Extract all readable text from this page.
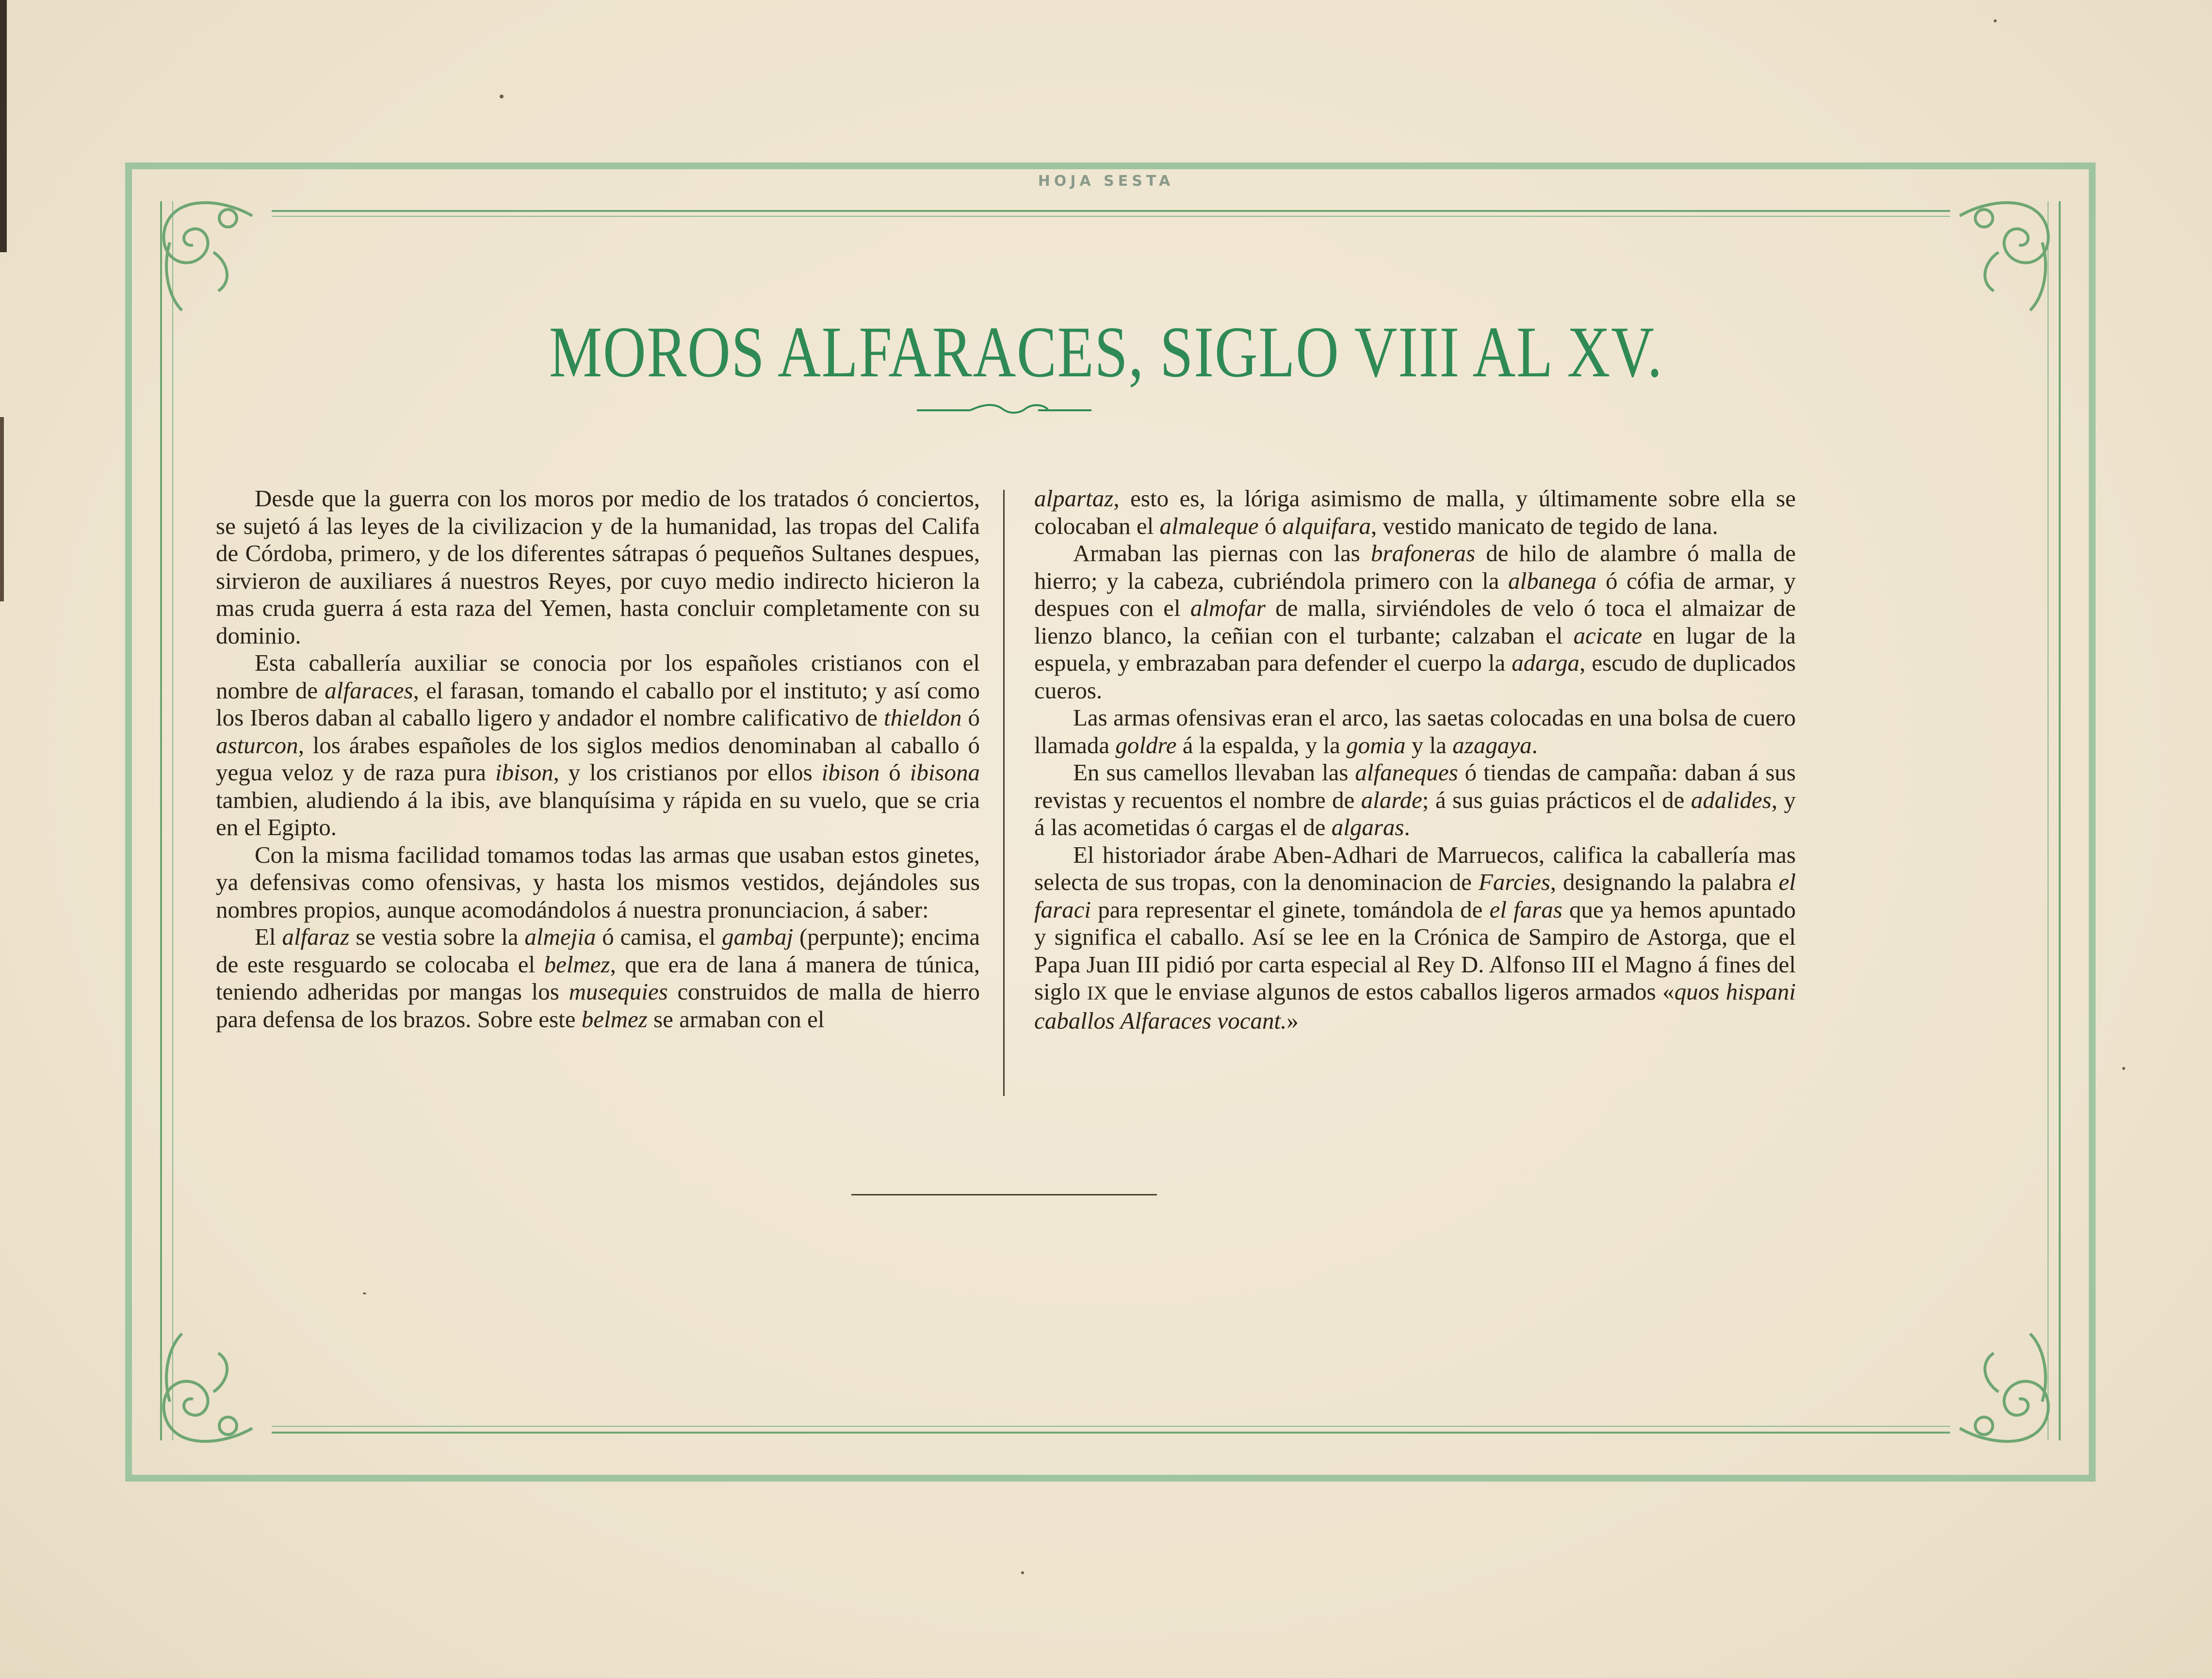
HOJA SESTA
MOROS ALFARACES, SIGLO VIII AL XV.

Desde que la guerra con los moros por medio de los tratados ó conciertos, se sujetó á las leyes de la civilizacion y de la humanidad, las tropas del Califa de Córdoba, primero, y de los diferentes sátrapas ó pequeños Sultanes despues, sirvieron de auxiliares á nuestros Reyes, por cuyo medio indirecto hicieron la mas cruda guerra á esta raza del Yemen, hasta concluir completamente con su dominio.

Esta caballería auxiliar se conocia por los españoles cristianos con el nombre de alfaraces, el farasan, tomando el caballo por el instituto; y así como los Iberos daban al caballo ligero y andador el nombre calificativo de thieldon ó asturcon, los árabes españoles de los siglos medios denominaban al caballo ó yegua veloz y de raza pura ibison, y los cristianos por ellos ibison ó ibisona tambien, aludiendo á la ibis, ave blanquísima y rápida en su vuelo, que se cria en el Egipto.

Con la misma facilidad tomamos todas las armas que usaban estos ginetes, ya defensivas como ofensivas, y hasta los mismos vestidos, dejándoles sus nombres propios, aunque acomodándolos á nuestra pronunciacion, á saber:

El alfaraz se vestia sobre la almejia ó camisa, el gambaj (perpunte); encima de este resguardo se colocaba el belmez, que era de lana á manera de túnica, teniendo adheridas por mangas los musequies construidos de malla de hierro para defensa de los brazos. Sobre este belmez se armaban con el

alpartaz, esto es, la lóriga asimismo de malla, y últimamente sobre ella se colocaban el almaleque ó alquifara, vestido manicato de tegido de lana.

Armaban las piernas con las brafoneras de hilo de alambre ó malla de hierro; y la cabeza, cubriéndola primero con la albanega ó cófia de armar, y despues con el almofar de malla, sirviéndoles de velo ó toca el almaizar de lienzo blanco, la ceñian con el turbante; calzaban el acicate en lugar de la espuela, y embrazaban para defender el cuerpo la adarga, escudo de duplicados cueros.

Las armas ofensivas eran el arco, las saetas colocadas en una bolsa de cuero llamada goldre á la espalda, y la gomia y la azagaya.

En sus camellos llevaban las alfaneques ó tiendas de campaña: daban á sus revistas y recuentos el nombre de alarde; á sus guias prácticos el de adalides, y á las acometidas ó cargas el de algaras.

El historiador árabe Aben-Adhari de Marruecos, califica la caballería mas selecta de sus tropas, con la denominacion de Farcies, designando la palabra el faraci para representar el ginete, tomándola de el faras que ya hemos apuntado y significa el caballo. Así se lee en la Crónica de Sampiro de Astorga, que el Papa Juan III pidió por carta especial al Rey D. Alfonso III el Magno á fines del siglo IX que le enviase algunos de estos caballos ligeros armados «quos hispani caballos Alfaraces vocant.»
